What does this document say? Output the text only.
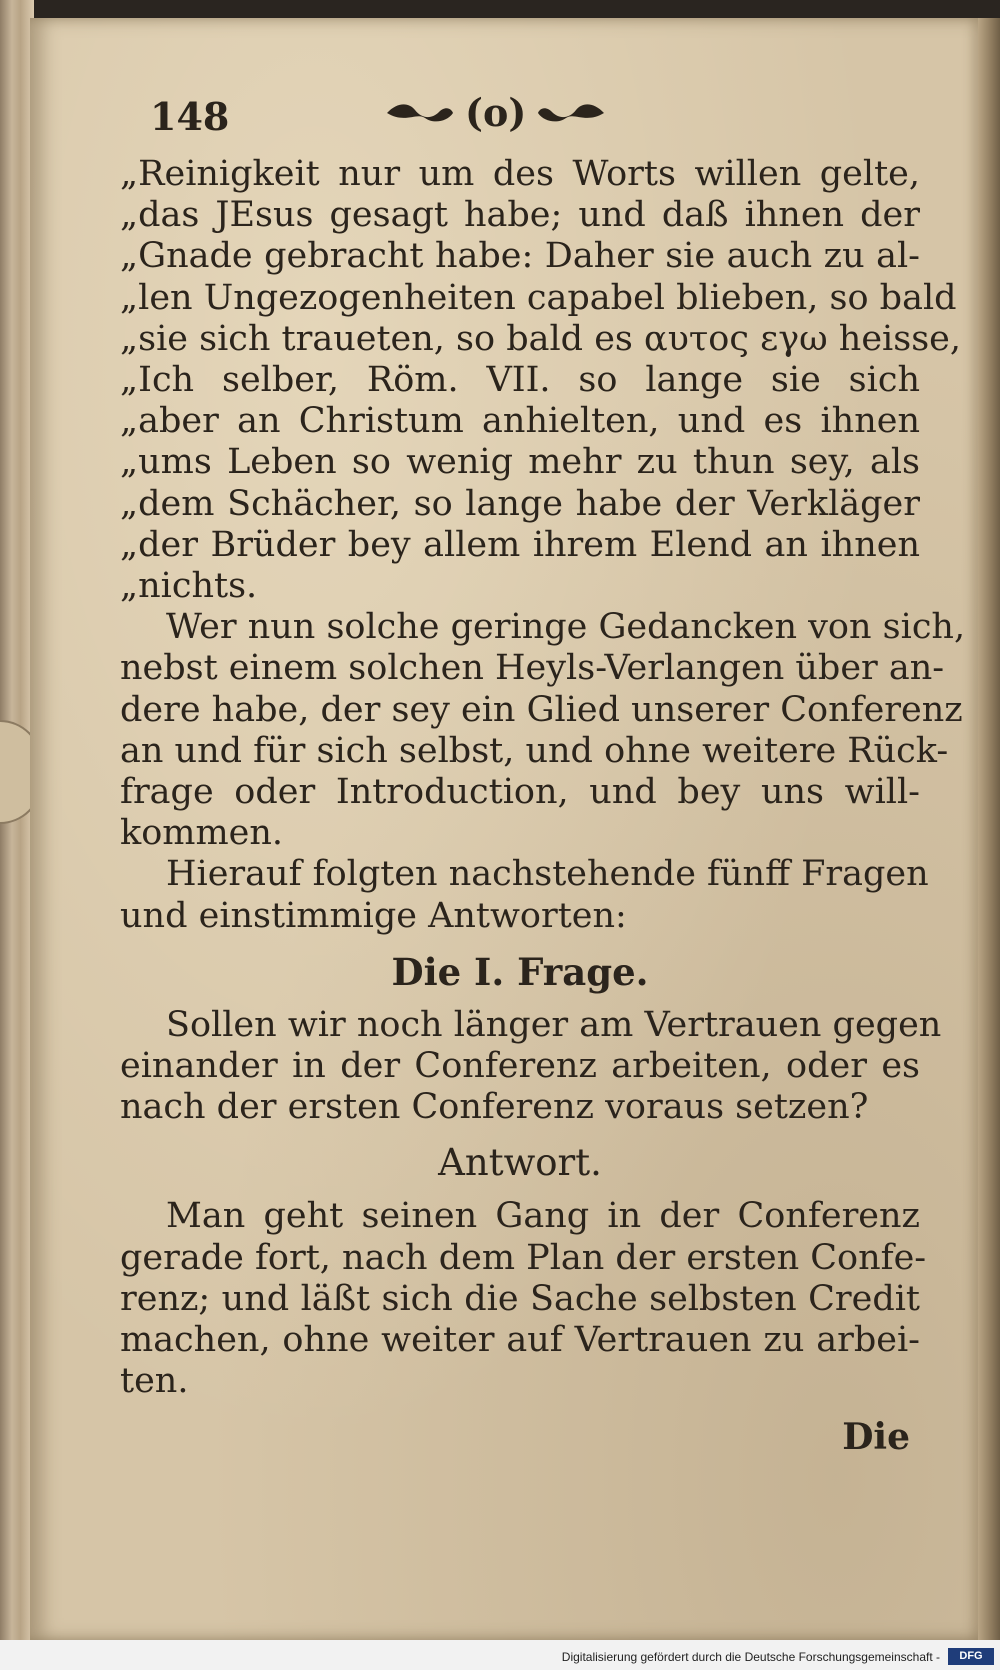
148	(o)
„Reinigkeit nur um des Worts willen gelte,
„das JEsus gesagt habe; und daß ihnen der
„Gnade gebracht habe: Daher sie auch zu al-
„len Ungezogenheiten capabel blieben, so bald
„sie sich traueten, so bald es αυτος εγω heisse,
„Ich selber, Röm. VII. so lange sie sich
„aber an Christum anhielten, und es ihnen
„ums Leben so wenig mehr zu thun sey, als
„dem Schächer, so lange habe der Verkläger
„der Brüder bey allem ihrem Elend an ihnen
„nichts.
Wer nun solche geringe Gedancken von sich,
nebst einem solchen Heyls-Verlangen über an-
dere habe, der sey ein Glied unserer Conferenz
an und für sich selbst, und ohne weitere Rück-
frage oder Introduction, und bey uns will-
kommen.
Hierauf folgten nachstehende fünff Fragen
und einstimmige Antworten:
Die I. Frage.
Sollen wir noch länger am Vertrauen gegen
einander in der Conferenz arbeiten, oder es
nach der ersten Conferenz voraus setzen?
Antwort.
Man geht seinen Gang in der Conferenz
gerade fort, nach dem Plan der ersten Confe-
renz; und läßt sich die Sache selbsten Credit
machen, ohne weiter auf Vertrauen zu arbei-
ten.
Die
Digitalisierung gefördert durch die Deutsche Forschungsgemeinschaft -	DFG
